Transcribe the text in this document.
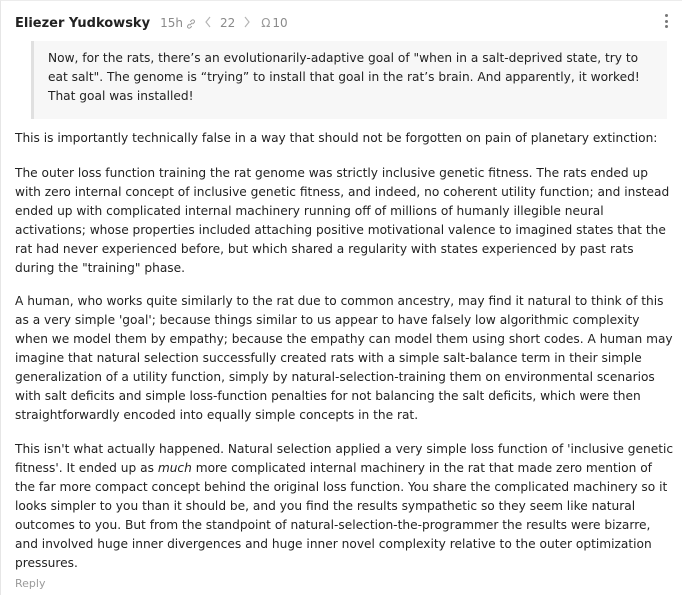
Eliezer Yudkowsky 15h	22 Ω 10
Now, for the rats, there’s an evolutionarily-adaptive goal of "when in a salt-deprived state, try to eat salt". The genome is “trying” to install that goal in the rat’s brain. And apparently, it worked! That goal was installed!

This is importantly technically false in a way that should not be forgotten on pain of planetary extinction:

The outer loss function training the rat genome was strictly inclusive genetic fitness. The rats ended up with zero internal concept of inclusive genetic fitness, and indeed, no coherent utility function; and instead ended up with complicated internal machinery running off of millions of humanly illegible neural activations; whose properties included attaching positive motivational valence to imagined states that the rat had never experienced before, but which shared a regularity with states experienced by past rats during the "training" phase.

A human, who works quite similarly to the rat due to common ancestry, may find it natural to think of this as a very simple 'goal'; because things similar to us appear to have falsely low algorithmic complexity when we model them by empathy; because the empathy can model them using short codes. A human may imagine that natural selection successfully created rats with a simple salt-balance term in their simple generalization of a utility function, simply by natural-selection-training them on environmental scenarios with salt deficits and simple loss-function penalties for not balancing the salt deficits, which were then straightforwardly encoded into equally simple concepts in the rat.

This isn't what actually happened. Natural selection applied a very simple loss function of 'inclusive genetic fitness'. It ended up as much more complicated internal machinery in the rat that made zero mention of the far more compact concept behind the original loss function. You share the complicated machinery so it looks simpler to you than it should be, and you find the results sympathetic so they seem like natural outcomes to you. But from the standpoint of natural-selection-the-programmer the results were bizarre, and involved huge inner divergences and huge inner novel complexity relative to the outer optimization pressures.

Reply
